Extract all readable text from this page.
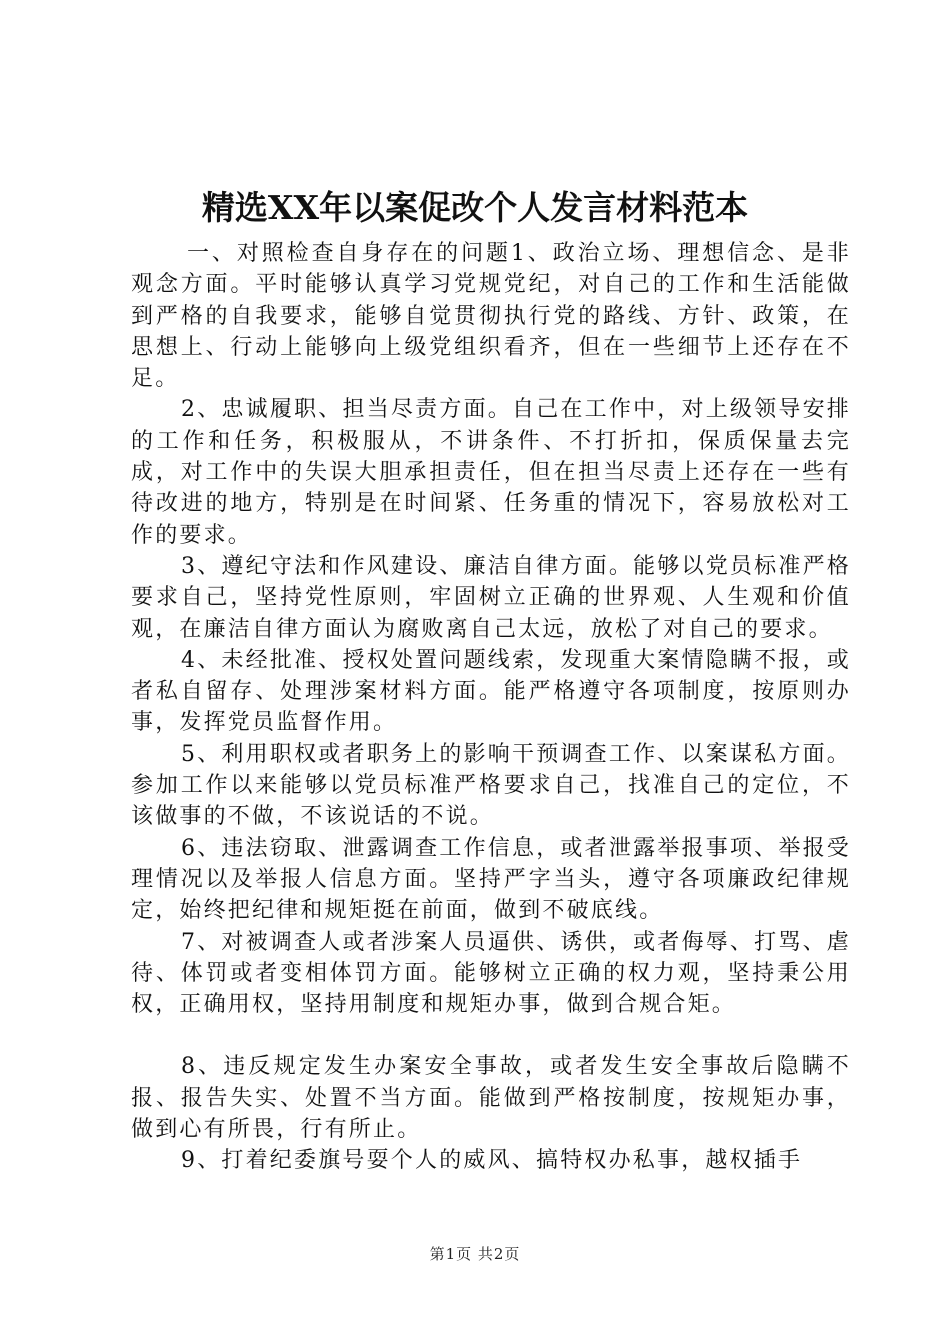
精选XX年以案促改个人发言材料范本

一、对照检查自身存在的问题1、政治立场、理想信念、是非观念方面。平时能够认真学习党规党纪，对自己的工作和生活能做到严格的自我要求，能够自觉贯彻执行党的路线、方针、政策，在思想上、行动上能够向上级党组织看齐，但在一些细节上还存在不足。

2、忠诚履职、担当尽责方面。自己在工作中，对上级领导安排的工作和任务，积极服从，不讲条件、不打折扣，保质保量去完成，对工作中的失误大胆承担责任，但在担当尽责上还存在一些有待改进的地方，特别是在时间紧、任务重的情况下，容易放松对工作的要求。

3、遵纪守法和作风建设、廉洁自律方面。能够以党员标准严格要求自己，坚持党性原则，牢固树立正确的世界观、人生观和价值观，在廉洁自律方面认为腐败离自己太远，放松了对自己的要求。

4、未经批准、授权处置问题线索，发现重大案情隐瞒不报，或者私自留存、处理涉案材料方面。能严格遵守各项制度，按原则办事，发挥党员监督作用。

5、利用职权或者职务上的影响干预调查工作、以案谋私方面。参加工作以来能够以党员标准严格要求自己，找准自己的定位，不该做事的不做，不该说话的不说。

6、违法窃取、泄露调查工作信息，或者泄露举报事项、举报受理情况以及举报人信息方面。坚持严字当头，遵守各项廉政纪律规定，始终把纪律和规矩挺在前面，做到不破底线。

7、对被调查人或者涉案人员逼供、诱供，或者侮辱、打骂、虐待、体罚或者变相体罚方面。能够树立正确的权力观，坚持秉公用权，正确用权，坚持用制度和规矩办事，做到合规合矩。

8、违反规定发生办案安全事故，或者发生安全事故后隐瞒不报、报告失实、处置不当方面。能做到严格按制度，按规矩办事，做到心有所畏，行有所止。

9、打着纪委旗号耍个人的威风、搞特权办私事，越权插手

第1页 共2页
